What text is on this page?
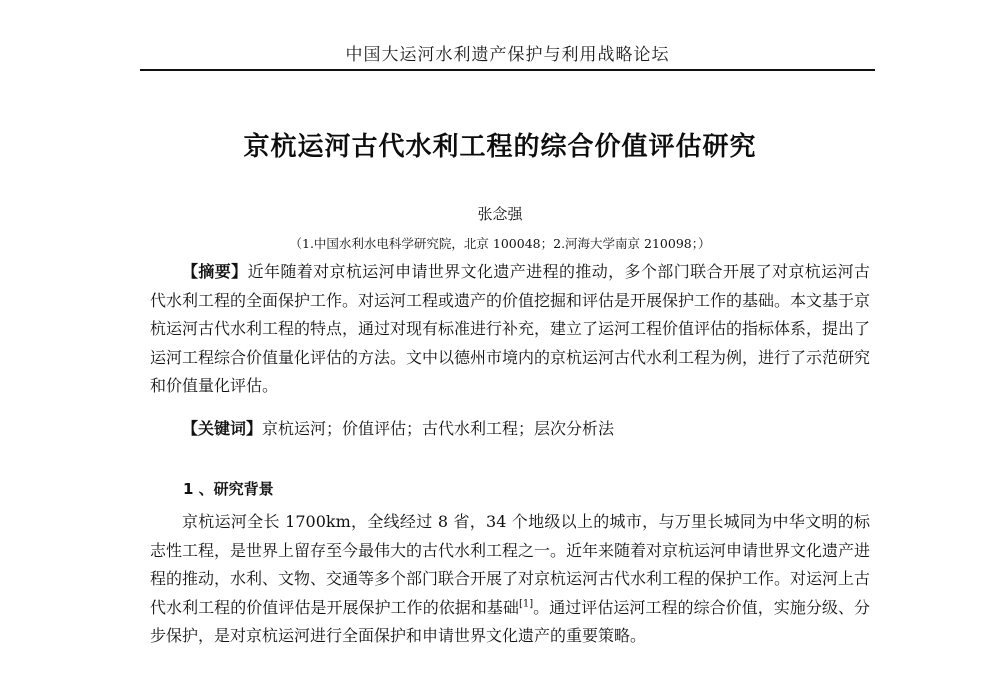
中国大运河水利遗产保护与利用战略论坛
京杭运河古代水利工程的综合价值评估研究
张念强
（1.中国水利水电科学研究院，北京 100048；2.河海大学南京 210098；）
【摘要】近年随着对京杭运河申请世界文化遗产进程的推动，多个部门联合开展了对京杭运河古代水利工程的全面保护工作。对运河工程或遗产的价值挖掘和评估是开展保护工作的基础。本文基于京杭运河古代水利工程的特点，通过对现有标准进行补充，建立了运河工程价值评估的指标体系，提出了运河工程综合价值量化评估的方法。文中以德州市境内的京杭运河古代水利工程为例，进行了示范研究和价值量化评估。
【关键词】京杭运河；价值评估；古代水利工程；层次分析法
1 、研究背景
京杭运河全长 1700km，全线经过 8 省，34 个地级以上的城市，与万里长城同为中华文明的标志性工程，是世界上留存至今最伟大的古代水利工程之一。近年来随着对京杭运河申请世界文化遗产进程的推动，水利、文物、交通等多个部门联合开展了对京杭运河古代水利工程的保护工作。对运河上古代水利工程的价值评估是开展保护工作的依据和基础[1]。通过评估运河工程的综合价值，实施分级、分步保护，是对京杭运河进行全面保护和申请世界文化遗产的重要策略。
